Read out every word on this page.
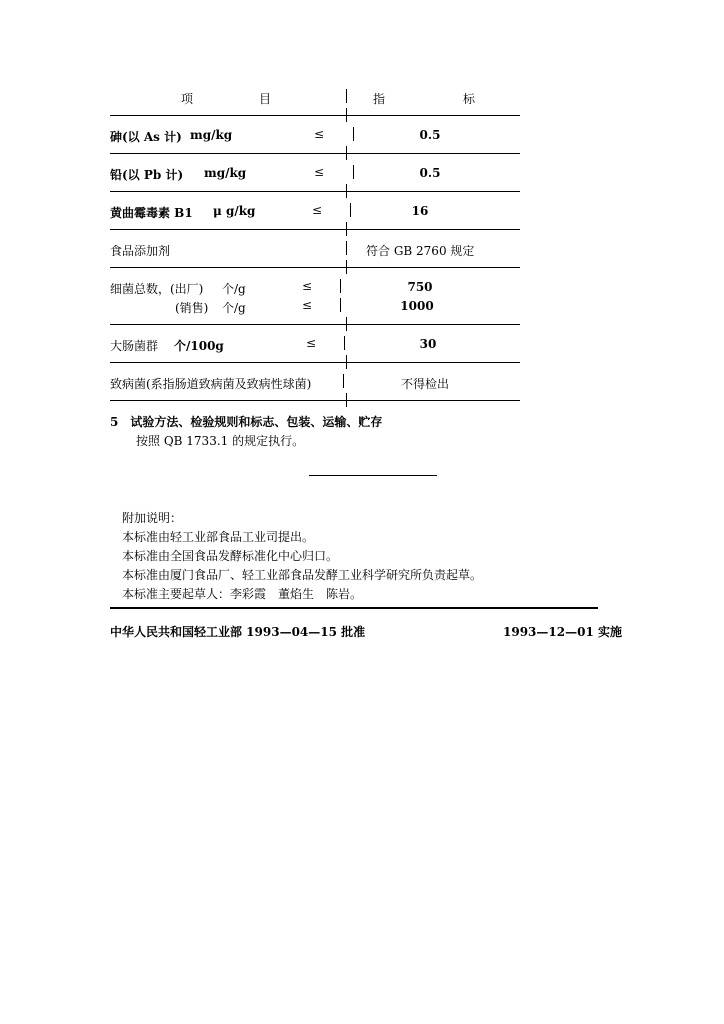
项	目	指	标
砷(以 As 计) mg/kg	≤	0.5
铅(以 Pb 计) mg/kg	≤	0.5
黄曲霉毒素 B1 μ g/kg	≤	16
食品添加剂	符合 GB 2760 规定
细菌总数，(出厂) 个/g	≤	750
(销售) 个/g	≤	1000
大肠菌群 个/100g	≤	30
致病菌(系指肠道致病菌及致病性球菌)	不得检出
5　试验方法、检验规则和标志、包装、运输、贮存
按照 QB 1733.1 的规定执行。
附加说明：
本标准由轻工业部食品工业司提出。
本标准由全国食品发酵标准化中心归口。
本标准由厦门食品厂、轻工业部食品发酵工业科学研究所负责起草。
本标准主要起草人：李彩霞　董焰生　陈岩。
中华人民共和国轻工业部 1993—04—15 批准	1993—12—01 实施
